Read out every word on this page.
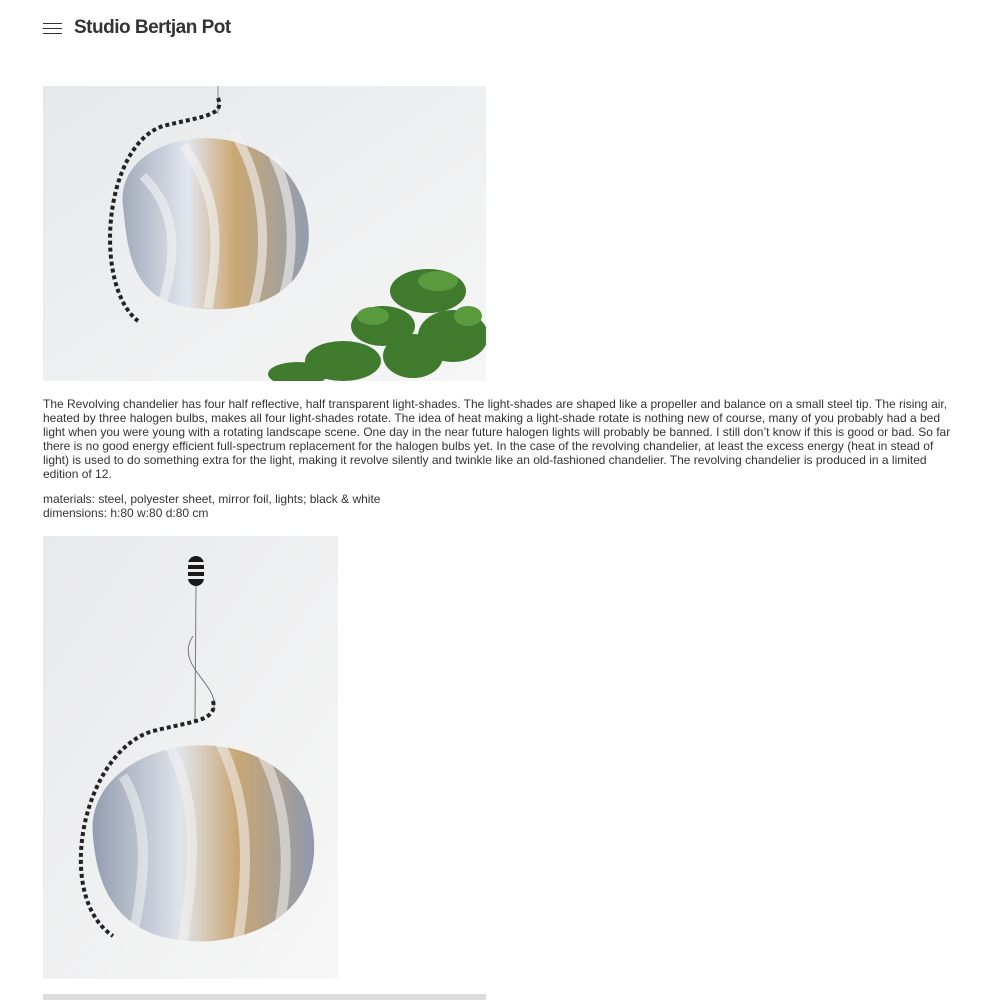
Studio Bertjan Pot

The Revolving chandelier has four half reflective, half transparent light-shades. The light-shades are shaped like a propeller and balance on a small steel tip. The rising air, heated by three halogen bulbs, makes all four light-shades rotate. The idea of heat making a light-shade rotate is nothing new of course, many of you probably had a bed light when you were young with a rotating landscape scene. One day in the near future halogen lights will probably be banned. I still don’t know if this is good or bad. So far there is no good energy efficient full-spectrum replacement for the halogen bulbs yet. In the case of the revolving chandelier, at least the excess energy (heat in stead of light) is used to do something extra for the light, making it revolve silently and twinkle like an old-fashioned chandelier. The revolving chandelier is produced in a limited edition of 12.

materials: steel, polyester sheet, mirror foil, lights; black & white
dimensions: h:80 w:80 d:80 cm
